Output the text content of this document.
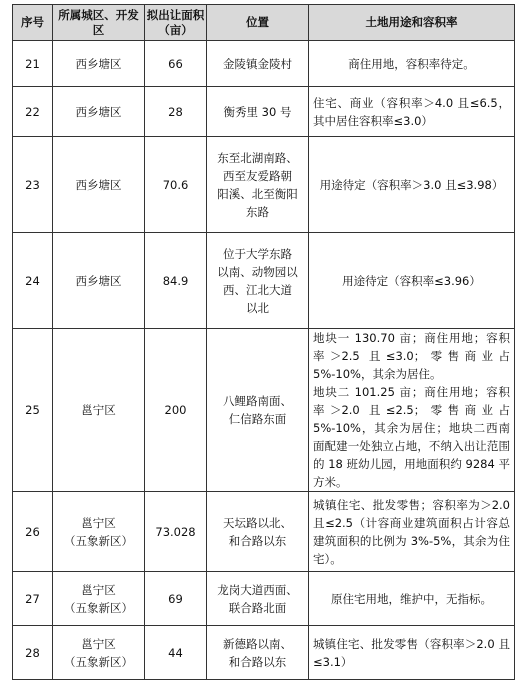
序号	所属城区、开发区	拟出让面积（亩）	位置	土地用途和容积率
21	西乡塘区	66	金陵镇金陵村	商住用地，容积率待定。

22	西乡塘区	28	衡秀里 30 号	住宅、商业（容积率＞4.0 且≤6.5，其中居住容积率≤3.0）

23	西乡塘区	70.6	东至北湖南路、
西至友爱路朝
阳溪、北至衡阳
东路	用途待定（容积率＞3.0 且≤3.98）

24	西乡塘区	84.9	位于大学东路
以南、动物园以
西、江北大道
以北	用途待定（容积率≤3.96）

25	邕宁区	200	八鲤路南面、
仁信路东面	地块一 130.70 亩；商住用地；容积率＞2.5 且≤3.0；零售商业占 5%-10%，其余为居住。
地块二 101.25 亩；商住用地；容积率＞2.0 且≤2.5；零售商业占 5%-10%，其余为居住；地块二西南面配建一处独立占地，不纳入出让范围的 18 班幼儿园，用地面积约 9284 平方米。

26	邕宁区
（五象新区）	73.028	天坛路以北、
和合路以东	城镇住宅、批发零售；容积率为＞2.0 且≤2.5（计容商业建筑面积占计容总建筑面积的比例为 3%-5%，其余为住宅）。

27	邕宁区
（五象新区）	69	龙岗大道西面、
联合路北面	原住宅用地，维护中，无指标。

28	邕宁区
（五象新区）	44	新德路以南、
和合路以东	城镇住宅、批发零售（容积率＞2.0 且≤3.1）
